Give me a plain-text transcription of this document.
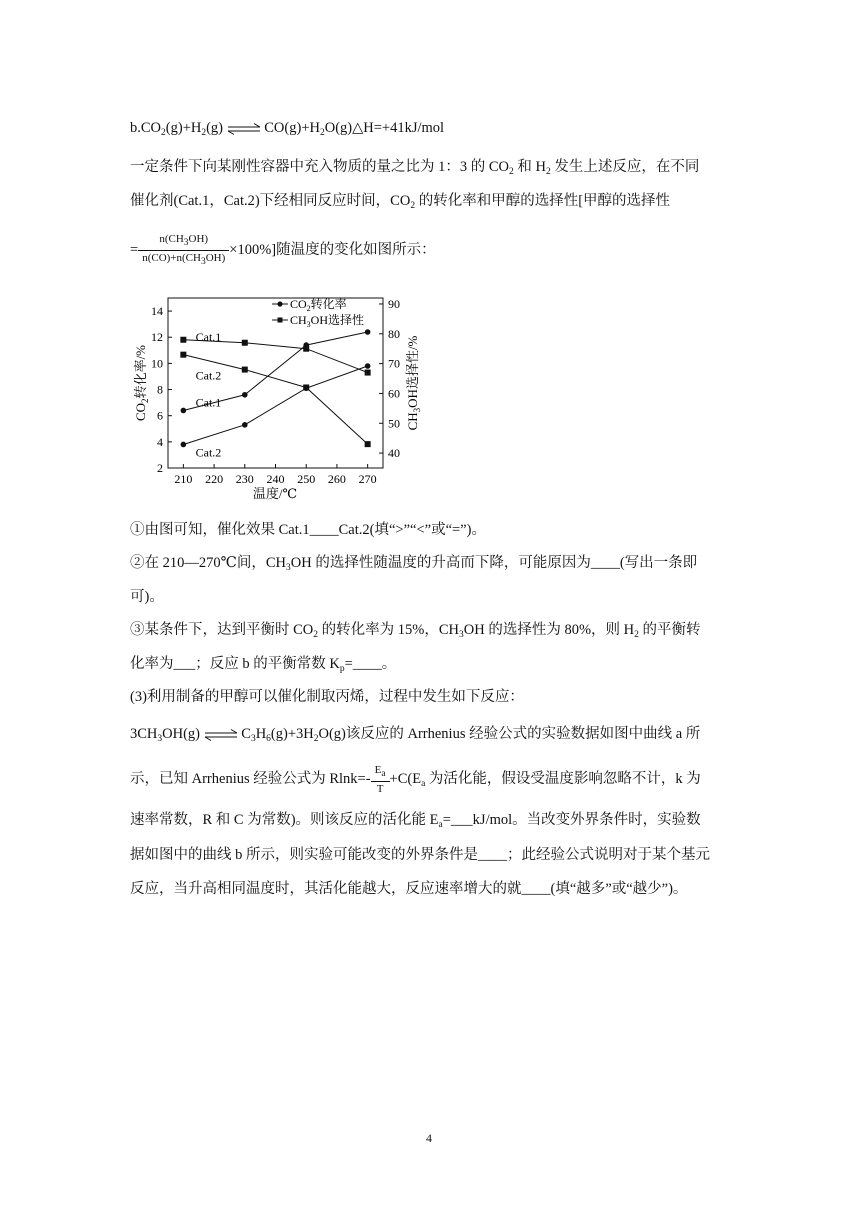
$b.CO_2(g)+H_2(g)$ ⇌ $CO(g)+H_2O(g)\triangle H=+41kJ$/mol
一定条件下向某刚性容器中充入物质的量之比为 1：3 的 $CO_2$ 和 $H_2$ 发生上述反应，在不同
催化剂(Cat.1，Cat.2)下经相同反应时间，$CO_2$ 的转化率和甲醇的选择性[甲醇的选择性
= $\frac{n(CH_3OH)}{n(CO)+n(CH_3OH)} \times 100\%$]随温度的变化如图所示：
2
4
6
8
10
12
14
40
50
60
70
80
90
210 220 230 240 250 260 270
Cat.1
Cat.2
Cat.1
Cat.2
$CO_2$转化率
$CH_3OH$选择性
$CO_2$转化率/%
$CH_3OH$选择性/%
温度/℃
①由图可知，催化效果 Cat.1____Cat.2(填“>”“<”或“=”)。
②在 210—270℃间，$CH_3OH$ 的选择性随温度的升高而下降，可能原因为____(写出一条即
可)。
③某条件下，达到平衡时 $CO_2$ 的转化率为 15%，$CH_3OH$ 的选择性为 80%，则 $H_2$ 的平衡转
化率为___；反应 b 的平衡常数 $K_p=\_\_\_\_$。
(3)利用制备的甲醇可以催化制取丙烯，过程中发生如下反应：
$3CH_3OH(g)$ ⇌ $C_3H_6(g)+3H_2O(g)$该反应的 Arrhenius 经验公式的实验数据如图中曲线 a 所
示，已知 Arrhenius 经验公式为 $Rlnk=- \frac{E_a}{T} +C(E_a$ 为活化能，假设受温度影响忽略不计，k 为
速率常数，R 和 C 为常数)。则该反应的活化能 $E_a=\_\_\_kJ$/mol。当改变外界条件时，实验数
据如图中的曲线 b 所示，则实验可能改变的外界条件是____；此经验公式说明对于某个基元
反应，当升高相同温度时，其活化能越大，反应速率增大的就____(填“越多”或“越少”)。
4
